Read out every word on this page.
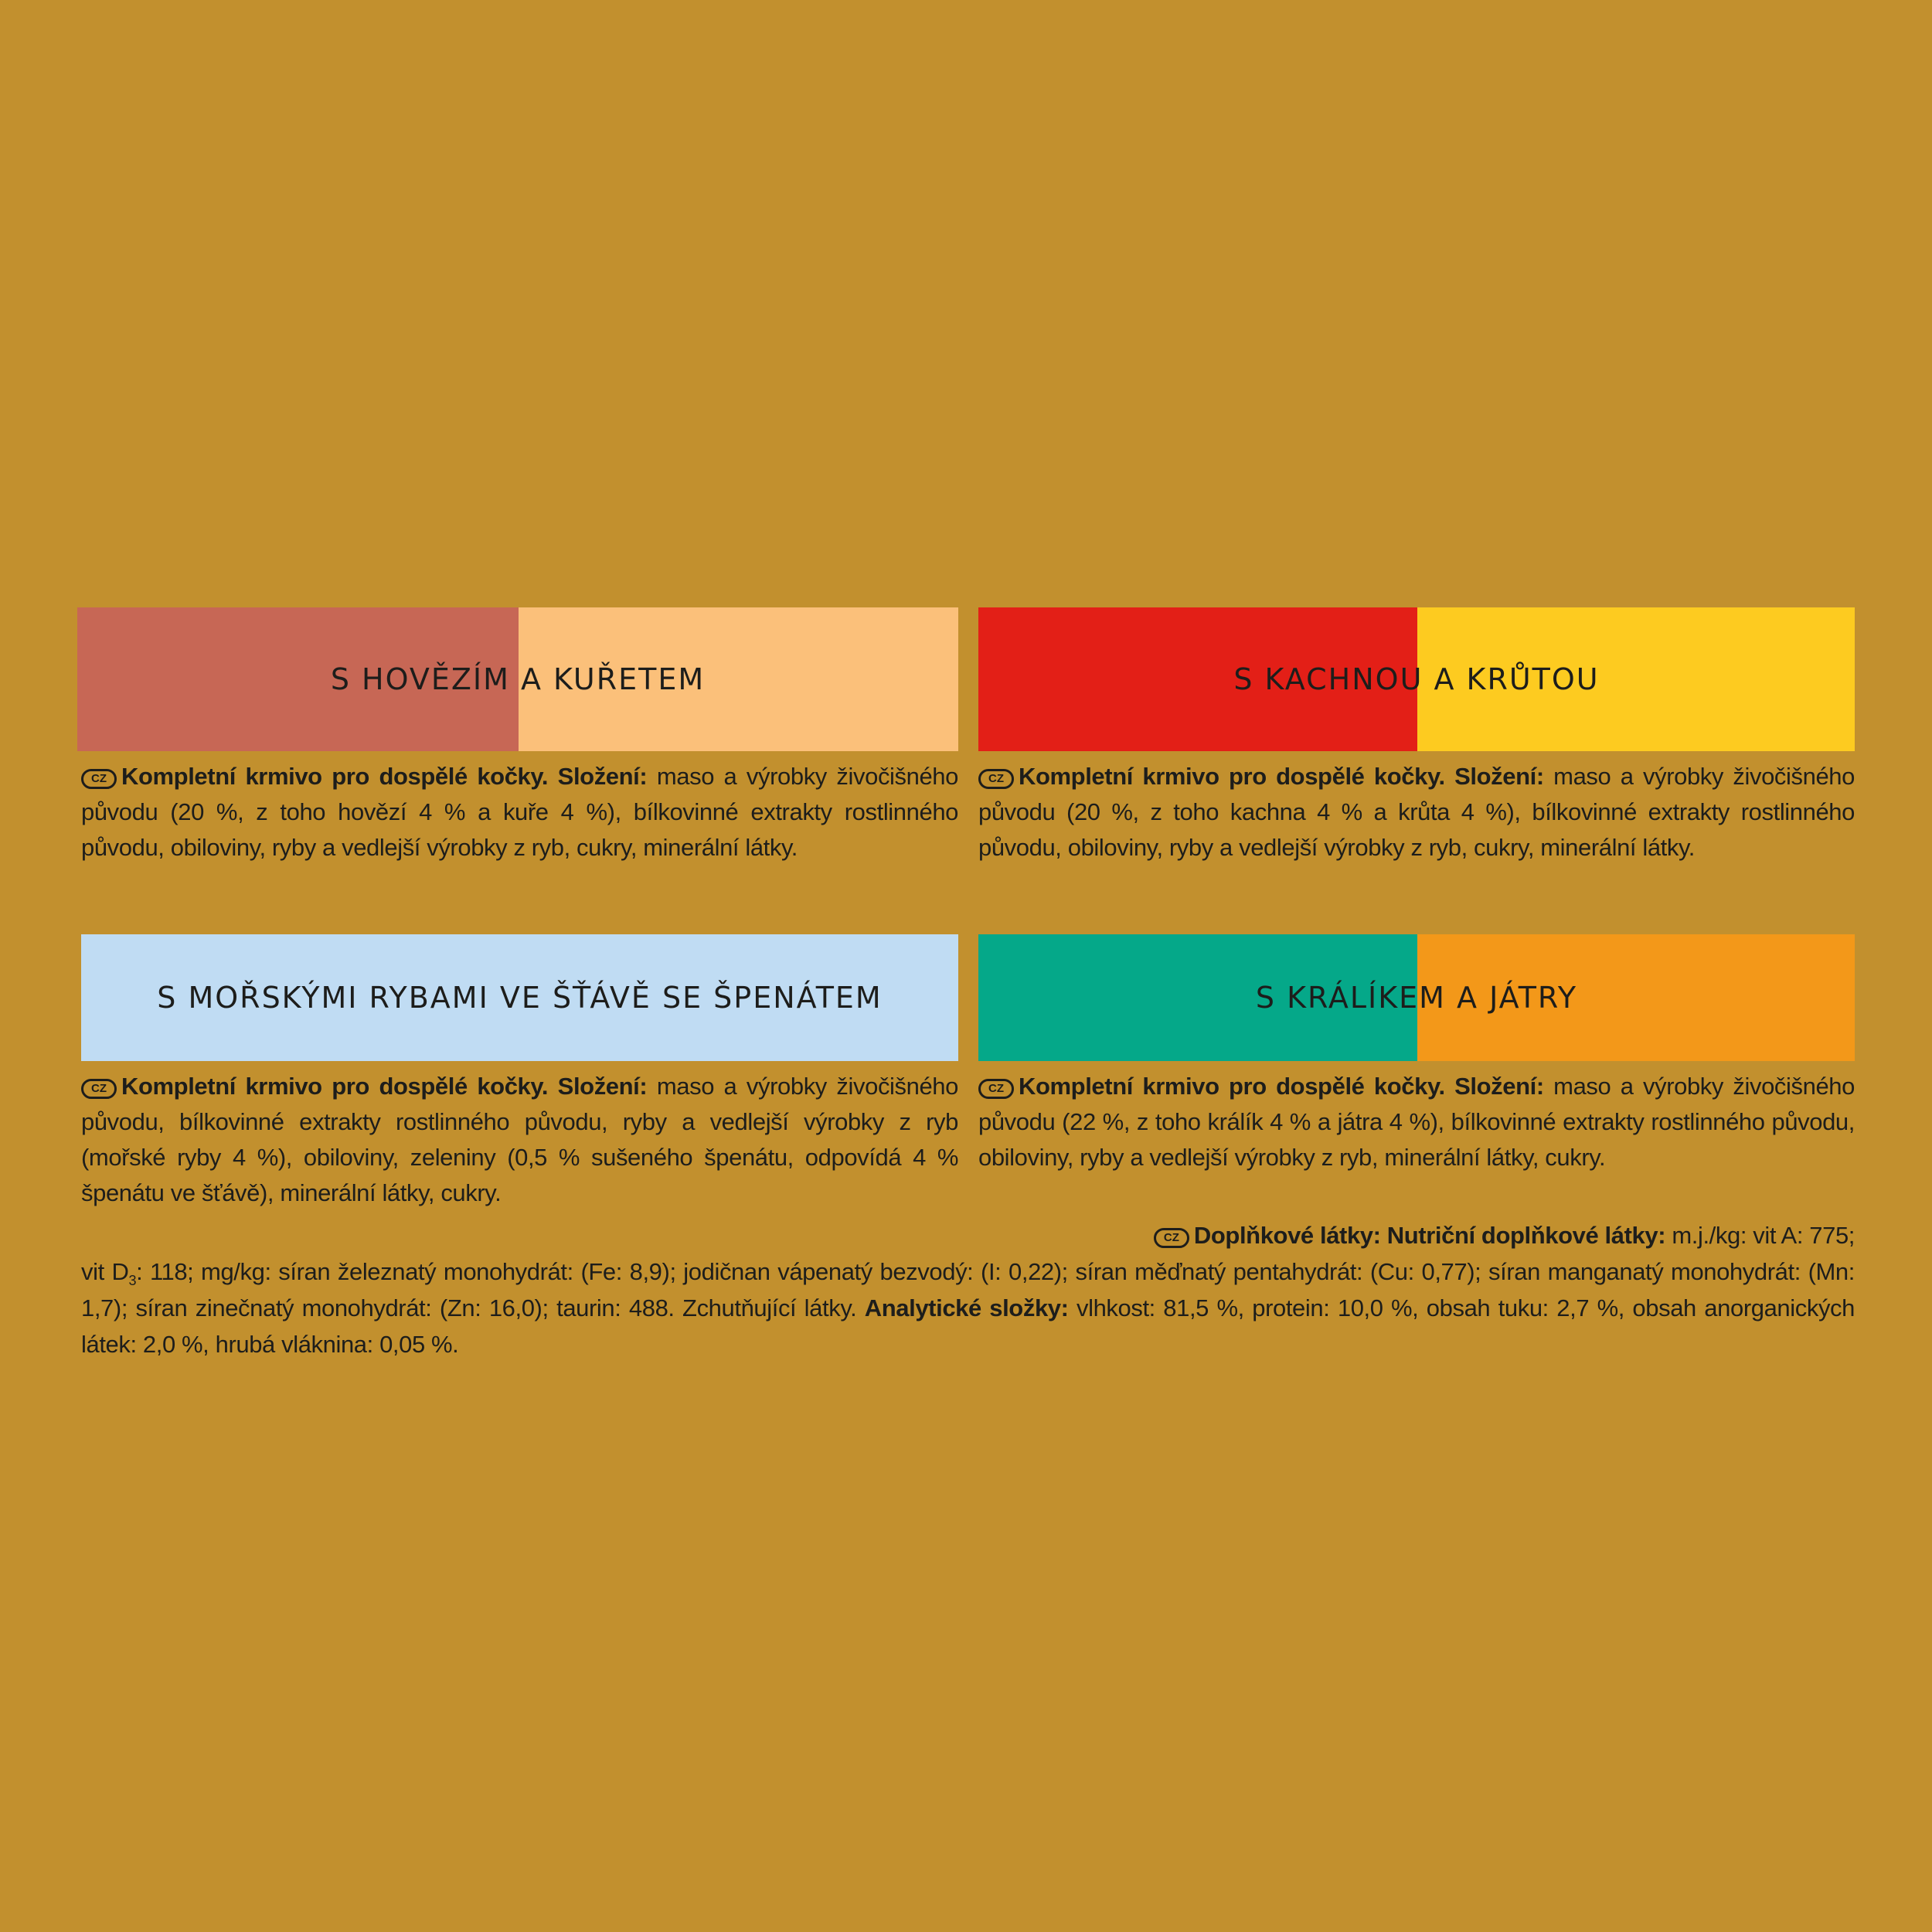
S HOVĚZÍM A KUŘETEM
CZ Kompletní krmivo pro dospělé kočky. Složení: maso a výrobky živočišného původu (20 %, z toho hovězí 4 % a kuře 4 %), bílkovinné extrakty rostlinného původu, obiloviny, ryby a vedlejší výrobky z ryb, cukry, minerální látky.
S KACHNOU A KRŮTOU
CZ Kompletní krmivo pro dospělé kočky. Složení: maso a výrobky živočišného původu (20 %, z toho kachna 4 % a krůta 4 %), bílkovinné extrakty rostlinného původu, obiloviny, ryby a vedlejší výrobky z ryb, cukry, minerální látky.
S MOŘSKÝMI RYBAMI VE ŠŤÁVĚ SE ŠPENÁTEM
CZ Kompletní krmivo pro dospělé kočky. Složení: maso a výrobky živočišného původu, bílkovinné extrakty rostlinného původu, ryby a vedlejší výrobky z ryb (mořské ryby 4 %), obiloviny, zeleniny (0,5 % sušeného špenátu, odpovídá 4 % špenátu ve šťávě), minerální látky, cukry.
S KRÁLÍKEM A JÁTRY
CZ Kompletní krmivo pro dospělé kočky. Složení: maso a výrobky živočišného původu (22 %, z toho králík 4 % a játra 4 %), bílkovinné extrakty rostlinného původu, obiloviny, ryby a vedlejší výrobky z ryb, minerální látky, cukry.
CZ Doplňkové látky: Nutriční doplňkové látky: m.j./kg: vit A: 775;
vit $D_3$: 118; mg/kg: síran železnatý monohydrát: (Fe: 8,9); jodičnan vápenatý bezvodý: (I: 0,22); síran měďnatý pentahydrát: (Cu: 0,77); síran manganatý monohydrát: (Mn: 1,7); síran zinečnatý monohydrát: (Zn: 16,0); taurin: 488. Zchutňující látky. Analytické složky: vlhkost: 81,5 %, protein: 10,0 %, obsah tuku: 2,7 %, obsah anorganických látek: 2,0 %, hrubá vláknina: 0,05 %.
